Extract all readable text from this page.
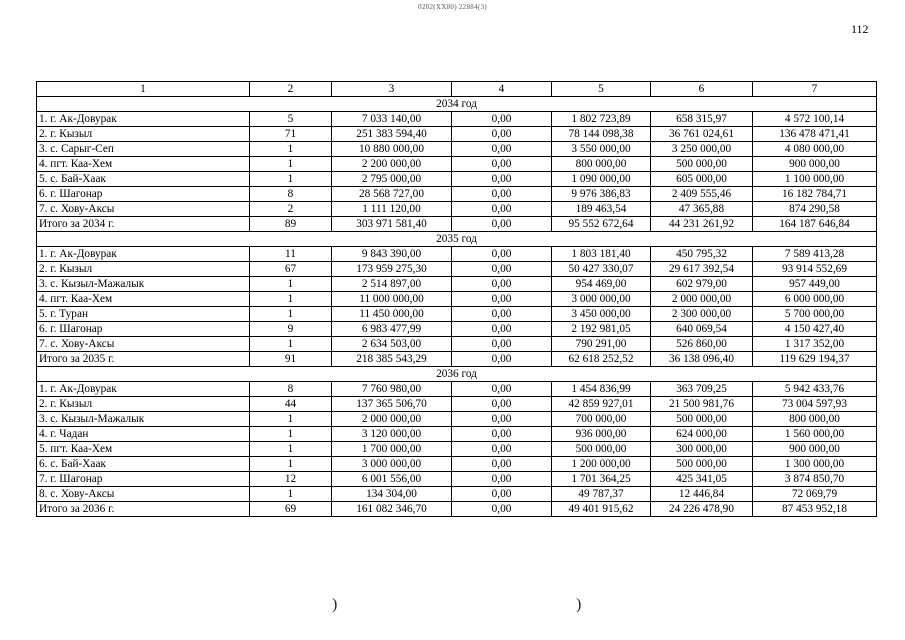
0202(XX80) 22884(3)
112
1	2	3	4	5	6	7
2034 год						
1. г. Ак-Довурак	5	7 033 140,00	0,00	1 802 723,89	658 315,97	4 572 100,14
2. г. Кызыл	71	251 383 594,40	0,00	78 144 098,38	36 761 024,61	136 478 471,41
3. с. Сарыг-Сеп	1	10 880 000,00	0,00	3 550 000,00	3 250 000,00	4 080 000,00
4. пгт. Каа-Хем	1	2 200 000,00	0,00	800 000,00	500 000,00	900 000,00
5. с. Бай-Хаак	1	2 795 000,00	0,00	1 090 000,00	605 000,00	1 100 000,00
6. г. Шагонар	8	28 568 727,00	0,00	9 976 386,83	2 409 555,46	16 182 784,71
7. с. Хову-Аксы	2	1 111 120,00	0,00	189 463,54	47 365,88	874 290,58
Итого за 2034 г.	89	303 971 581,40	0,00	95 552 672,64	44 231 261,92	164 187 646,84
2035 год						
1. г. Ак-Довурак	11	9 843 390,00	0,00	1 803 181,40	450 795,32	7 589 413,28
2. г. Кызыл	67	173 959 275,30	0,00	50 427 330,07	29 617 392,54	93 914 552,69
3. с. Кызыл-Мажалык	1	2 514 897,00	0,00	954 469,00	602 979,00	957 449,00
4. пгт. Каа-Хем	1	11 000 000,00	0,00	3 000 000,00	2 000 000,00	6 000 000,00
5. г. Туран	1	11 450 000,00	0,00	3 450 000,00	2 300 000,00	5 700 000,00
6. г. Шагонар	9	6 983 477,99	0,00	2 192 981,05	640 069,54	4 150 427,40
7. с. Хову-Аксы	1	2 634 503,00	0,00	790 291,00	526 860,00	1 317 352,00
Итого за 2035 г.	91	218 385 543,29	0,00	62 618 252,52	36 138 096,40	119 629 194,37
2036 год						
1. г. Ак-Довурак	8	7 760 980,00	0,00	1 454 836,99	363 709,25	5 942 433,76
2. г. Кызыл	44	137 365 506,70	0,00	42 859 927,01	21 500 981,76	73 004 597,93
3. с. Кызыл-Мажалык	1	2 000 000,00	0,00	700 000,00	500 000,00	800 000,00
4. г. Чадан	1	3 120 000,00	0,00	936 000,00	624 000,00	1 560 000,00
5. пгт. Каа-Хем	1	1 700 000,00	0,00	500 000,00	300 000,00	900 000,00
6. с. Бай-Хаак	1	3 000 000,00	0,00	1 200 000,00	500 000,00	1 300 000,00
7. г. Шагонар	12	6 001 556,00	0,00	1 701 364,25	425 341,05	3 874 850,70
8. с. Хову-Аксы	1	134 304,00	0,00	49 787,37	12 446,84	72 069,79
Итого за 2036 г.	69	161 082 346,70	0,00	49 401 915,62	24 226 478,90	87 453 952,18
)	)
